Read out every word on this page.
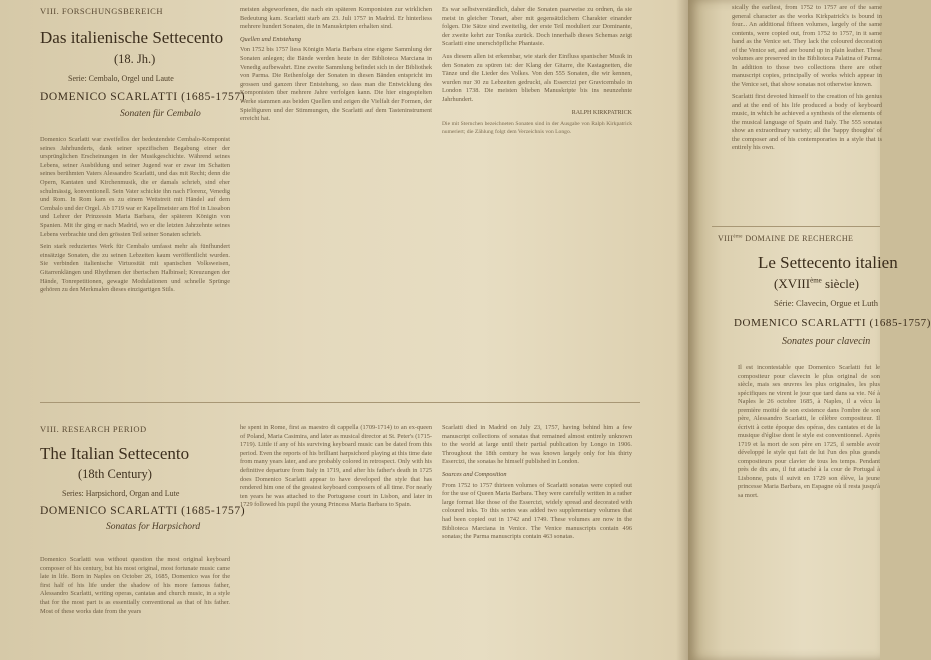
VIII. FORSCHUNGSBEREICH
Das italienische Settecento
(18. Jh.)
Serie: Cembalo, Orgel und Laute
DOMENICO SCARLATTI (1685-1757)
Sonaten für Cembalo

Domenico Scarlatti war zweifellos der bedeutendste Cembalo-Komponist seines Jahrhunderts, dank seiner spezifischen Begabung einer der ursprünglichen Erscheinungen in der Musikgeschichte. Während seines Lebens, seiner Ausbildung und seiner Jugend war er zwar im Schatten seines berühmten Vaters Alessandro Scarlatti, und das mit Recht; denn die Opern, Kantaten und Kirchenmusik, die er damals schrieb, sind eher schulmässig, konventionell. Sein Vater schickte ihn nach Florenz, Venedig und Rom. In Rom kam es zu einem Wettstreit mit Händel auf dem Cembalo und der Orgel. Ab 1719 war er Kapellmeister am Hof in Lissabon und Lehrer der Prinzessin Maria Barbara, der späteren Königin von Spanien. Mit ihr ging er nach Madrid, wo er die letzten Jahrzehnte seines Lebens verbrachte und den grössten Teil seiner Sonaten schrieb.

Sein stark reduziertes Werk für Cembalo umfasst mehr als fünfhundert einsätzige Sonaten, die zu seinen Lebzeiten kaum veröffentlicht wurden. Sie verbinden italienische Virtuosität mit spanischen Volksweisen, Gitarrenklängen und Rhythmen der iberischen Halbinsel; Kreuzungen der Hände, Tonrepetitionen, gewagte Modulationen und schnelle Sprünge gehören zu den Merkmalen dieses einzigartigen Stils.

meisten abgeworfenen, die nach ein späteren Komponisten zur wirklichen Bedeutung kam. Scarlatti starb am 23. Juli 1757 in Madrid. Er hinterliess mehrere hundert Sonaten, die in Manuskripten erhalten sind.

Quellen und Entstehung

Von 1752 bis 1757 liess Königin Maria Barbara eine eigene Sammlung der Sonaten anlegen; die Bände werden heute in der Biblioteca Marciana in Venedig aufbewahrt. Eine zweite Sammlung befindet sich in der Bibliothek von Parma. Die Reihenfolge der Sonaten in diesen Bänden entspricht im grossen und ganzen ihrer Entstehung, so dass man die Entwicklung des Komponisten über mehrere Jahre verfolgen kann. Die hier eingespielten Werke stammen aus beiden Quellen und zeigen die Vielfalt der Formen, der Spielfiguren und der Stimmungen, die Scarlatti auf dem Tasteninstrument erreicht hat.

Es war selbstverständlich, daher die Sonaten paarweise zu ordnen, da sie meist in gleicher Tonart, aber mit gegensätzlichem Charakter einander folgen. Die Sätze sind zweiteilig, der erste Teil moduliert zur Dominante, der zweite kehrt zur Tonika zurück. Doch innerhalb dieses Schemas zeigt Scarlatti eine unerschöpfliche Phantasie.

Aus diesem allen ist erkennbar, wie stark der Einfluss spanischer Musik in den Sonaten zu spüren ist: der Klang der Gitarre, die Kastagnetten, die Tänze und die Lieder des Volkes. Von den 555 Sonaten, die wir kennen, wurden nur 30 zu Lebzeiten gedruckt, als Essercizi per Gravicembalo in London 1738. Die meisten blieben Manuskripte bis ins neunzehnte Jahrhundert.

RALPH KIRKPATRICK
Die mit Sternchen bezeichneten Sonaten sind in der Ausgabe von Ralph Kirkpatrick numeriert; die Zählung folgt dem Verzeichnis von Longo.
VIII. RESEARCH PERIOD
The Italian Settecento
(18th Century)
Series: Harpsichord, Organ and Lute
DOMENICO SCARLATTI (1685-1757)
Sonatas for Harpsichord

Domenico Scarlatti was without question the most original keyboard composer of his century, but his most original, most fortunate music came late in life. Born in Naples on October 26, 1685, Domenico was for the first half of his life under the shadow of his more famous father, Alessandro Scarlatti, writing operas, cantatas and church music, in a style that for the most part is as essentially conventional as that of his father. Most of these works date from the years

he spent in Rome, first as maestro di cappella (1709-1714) to an ex-queen of Poland, Maria Casimira, and later as musical director at St. Peter's (1715-1719). Little if any of his surviving keyboard music can be dated from this period. Even the reports of his brilliant harpsichord playing at this time date from many years later, and are probably colored in retrospect. Only with his definitive departure from Italy in 1719, and after his father's death in 1725 does Domenico Scarlatti appear to have developed the style that has rendered him one of the greatest keyboard composers of all time. For nearly ten years he was attached to the Portuguese court in Lisbon, and later in 1729 followed his pupil the young Princess Maria Barbara to Spain.

Scarlatti died in Madrid on July 23, 1757, having behind him a few manuscript collections of sonatas that remained almost entirely unknown to the world at large until their partial publication by Longo in 1906. Throughout the 18th century he was known largely only for his thirty Essercizi, the sonatas he himself published in London.

Sources and Composition

From 1752 to 1757 thirteen volumes of Scarlatti sonatas were copied out for the use of Queen Maria Barbara. They were carefully written in a rather large format like those of the Essercizi, widely spread and decorated with coloured inks. To this series was added two supplementary volumes that had been copied out in 1742 and 1749. These volumes are now in the Biblioteca Marciana in Venice. The Venice manuscripts contain 496 sonatas; the Parma manuscripts contain 463 sonatas.

sically the earliest, from 1752 to 1757 are of the same general character as the works Kirkpatrick's is bound in four... An additional fifteen volumes, largely of the same contents, were copied out, from 1752 to 1757, in it same hand as the Venice set. They lack the coloured decoration of the Venice set, and are bound up in plain leather. These volumes are preserved in the Biblioteca Palatina of Parma. In addition to those two collections there are other manuscript copies, principally of works which appear in the Venice set, that show sonatas not otherwise known.

Scarlatti first devoted himself to the creation of his genius and at the end of his life produced a body of keyboard music, in which he achieved a synthesis of the elements of the musical language of Spain and Italy. The 555 sonatas show an extraordinary variety; all the 'happy thoughts' of the composer and of his contemporaries in a style that is entirely his own.

VIIIème DOMAINE DE RECHERCHE
Le Settecento italien
(XVIIIème siècle)
Série: Clavecin, Orgue et Luth
DOMENICO SCARLATTI (1685-1757)
Sonates pour clavecin

Il est incontestable que Domenico Scarlatti fut le compositeur pour clavecin le plus original de son siècle, mais ses œuvres les plus originales, les plus spécifiques ne virent le jour que tard dans sa vie. Né à Naples le 26 octobre 1685, à Naples, il a vécu la première moitié de son existence dans l'ombre de son père, Alessandro Scarlatti, le célèbre compositeur. Il écrivit à cette époque des opéras, des cantates et de la musique d'église dont le style est conventionnel. Après 1719 et la mort de son père en 1725, il semble avoir développé le style qui fait de lui l'un des plus grands compositeurs pour clavier de tous les temps. Pendant près de dix ans, il fut attaché à la cour de Portugal à Lisbonne, puis il suivit en 1729 son élève, la jeune princesse Maria Barbara, en Espagne où il resta jusqu'à sa mort.
